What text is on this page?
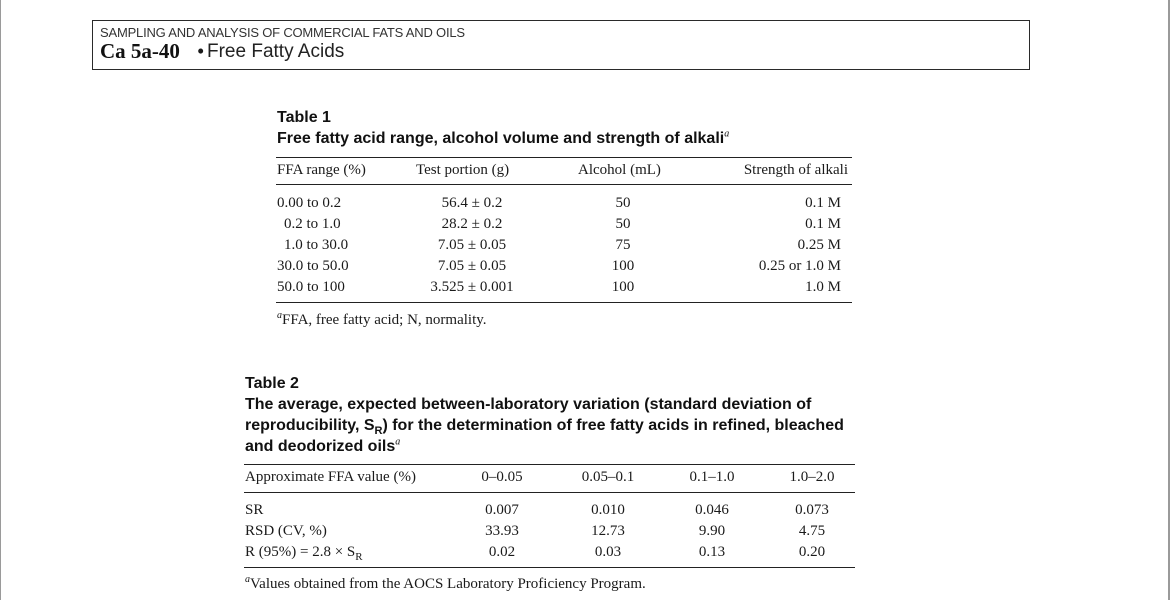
SAMPLING AND ANALYSIS OF COMMERCIAL FATS AND OILS
Ca 5a-40 • Free Fatty Acids
Table 1
Free fatty acid range, alcohol volume and strength of alkali$^a$
FFA range (%)	Test portion (g)	Alcohol (mL)	Strength of alkali
0.00 to 0.2	56.4 ± 0.2	50	0.1 M
0.2 to 1.0	28.2 ± 0.2	50	0.1 M
1.0 to 30.0	7.05 ± 0.05	75	0.25 M
30.0 to 50.0	7.05 ± 0.05	100	0.25 or 1.0 M
50.0 to 100	3.525 ± 0.001	100	1.0 M
$^a$FFA, free fatty acid; N, normality.
Table 2
The average, expected between-laboratory variation (standard deviation of
reproducibility, $S_R$) for the determination of free fatty acids in refined, bleached
and deodorized oils$^a$
Approximate FFA value (%)	0–0.05	0.05–0.1	0.1–1.0	1.0–2.0
SR	0.007	0.010	0.046	0.073
RSD (CV, %)	33.93	12.73	9.90	4.75
R $(95\%) = 2.8 \times S_R$	0.02	0.03	0.13	0.20
$^a$Values obtained from the AOCS Laboratory Proficiency Program.
